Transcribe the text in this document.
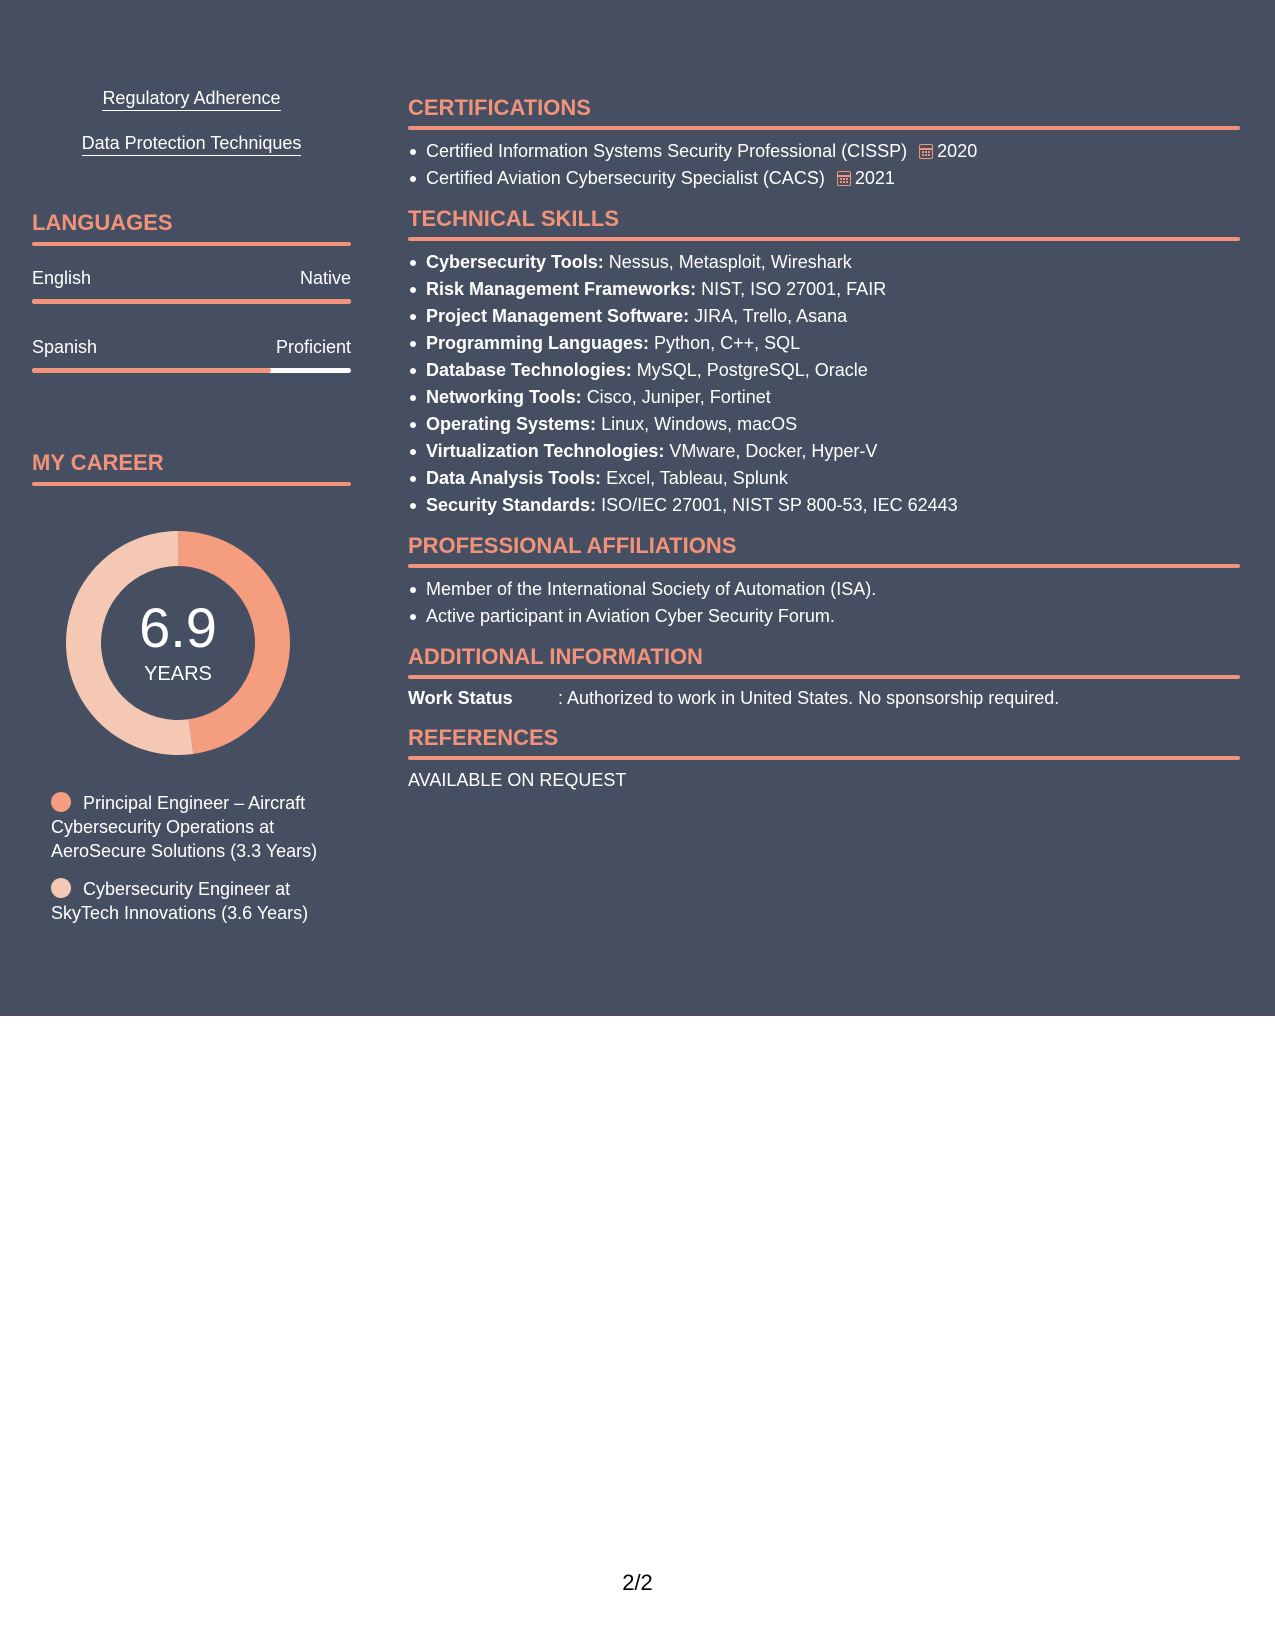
Regulatory Adherence
Data Protection Techniques
LANGUAGES
English	Native
Spanish	Proficient
MY CAREER
6.9
YEARS
Principal Engineer – Aircraft Cybersecurity Operations at AeroSecure Solutions (3.3 Years)
Cybersecurity Engineer at SkyTech Innovations (3.6 Years)
CERTIFICATIONS
Certified Information Systems Security Professional (CISSP) 2020
Certified Aviation Cybersecurity Specialist (CACS) 2021
TECHNICAL SKILLS
Cybersecurity Tools: Nessus, Metasploit, Wireshark
Risk Management Frameworks: NIST, ISO 27001, FAIR
Project Management Software: JIRA, Trello, Asana
Programming Languages: Python, C++, SQL
Database Technologies: MySQL, PostgreSQL, Oracle
Networking Tools: Cisco, Juniper, Fortinet
Operating Systems: Linux, Windows, macOS
Virtualization Technologies: VMware, Docker, Hyper-V
Data Analysis Tools: Excel, Tableau, Splunk
Security Standards: ISO/IEC 27001, NIST SP 800-53, IEC 62443
PROFESSIONAL AFFILIATIONS
Member of the International Society of Automation (ISA).
Active participant in Aviation Cyber Security Forum.
ADDITIONAL INFORMATION
Work Status	: Authorized to work in United States. No sponsorship required.
REFERENCES
AVAILABLE ON REQUEST
2/2
